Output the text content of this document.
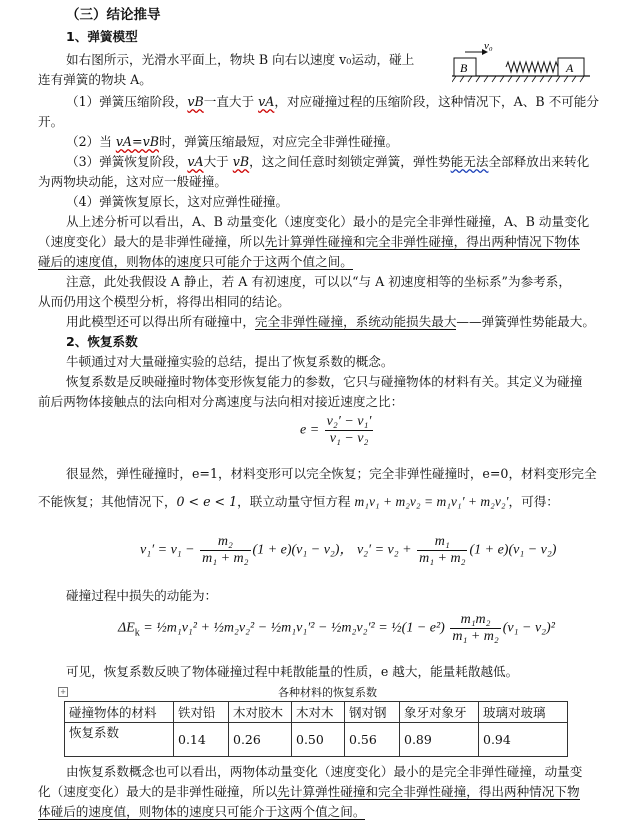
（三）结论推导
1、弹簧模型
B
v₀
A
如右图所示，光滑水平面上，物块 B 向右以速度 v₀运动，碰上
连有弹簧的物块 A。
（1）弹簧压缩阶段，vB一直大于 vA，对应碰撞过程的压缩阶段，这种情况下，A、B 不可能分
开。
（2）当 vA=vB时，弹簧压缩最短，对应完全非弹性碰撞。
（3）弹簧恢复阶段，vA大于 vB，这之间任意时刻锁定弹簧，弹性势能无法全部释放出来转化
为两物块动能，这对应一般碰撞。
（4）弹簧恢复原长，这对应弹性碰撞。
从上述分析可以看出，A、B 动量变化（速度变化）最小的是完全非弹性碰撞，A、B 动量变化
（速度变化）最大的是非弹性碰撞，所以先计算弹性碰撞和完全非弹性碰撞，得出两种情况下物体
碰后的速度值，则物体的速度只可能介于这两个值之间。
注意，此处我假设 A 静止，若 A 有初速度，可以以“与 A 初速度相等的坐标系”为参考系，
从而仍用这个模型分析，将得出相同的结论。
用此模型还可以得出所有碰撞中，完全非弹性碰撞，系统动能损失最大——弹簧弹性势能最大。
2、恢复系数
牛顿通过对大量碰撞实验的总结，提出了恢复系数的概念。
恢复系数是反映碰撞时物体变形恢复能力的参数，它只与碰撞物体的材料有关。其定义为碰撞
前后两物体接触点的法向相对分离速度与法向相对接近速度之比：
$e = \frac{\text{v₂′ − v₁′}}{\text{v₁ − v₂}}$
很显然，弹性碰撞时，e=1，材料变形可以完全恢复；完全非弹性碰撞时，e=0，材料变形完全
不能恢复；其他情况下，0 < e < 1，联立动量守恒方程 m₁v₁ + m₂v₂ = m₁v₁′ + m₂v₂′，可得：
$v_1' = v_1 - \frac{\text{m₂}}{\text{m₁ + m₂}} (1 + e)(v_1 - v_2)$， $v_2' = v_2 + \frac{\text{m₁}}{\text{m₁ + m₂}} (1 + e)(v_1 - v_2)$
碰撞过程中损失的动能为：
$\Delta E_k$ = ½m₁v₁² + ½m₂v₂² − ½m₁v₁′² − ½m₂v₂′² = ½(1 − $e^2) \frac{\text{m₁m₂}}{\text{m₁ + m₂}} (v_1 - v_2)^2$
可见，恢复系数反映了物体碰撞过程中耗散能量的性质，e 越大，能量耗散越低。
+	各种材料的恢复系数
碰撞物体的材料	铁对铅	木对胶木	木对木	钢对钢	象牙对象牙	玻璃对玻璃
恢复系数	0.14	0.26	0.50	0.56	0.89	0.94
由恢复系数概念也可以看出，两物体动量变化（速度变化）最小的是完全非弹性碰撞，动量变
化（速度变化）最大的是非弹性碰撞，所以先计算弹性碰撞和完全非弹性碰撞，得出两种情况下物
体碰后的速度值，则物体的速度只可能介于这两个值之间。
